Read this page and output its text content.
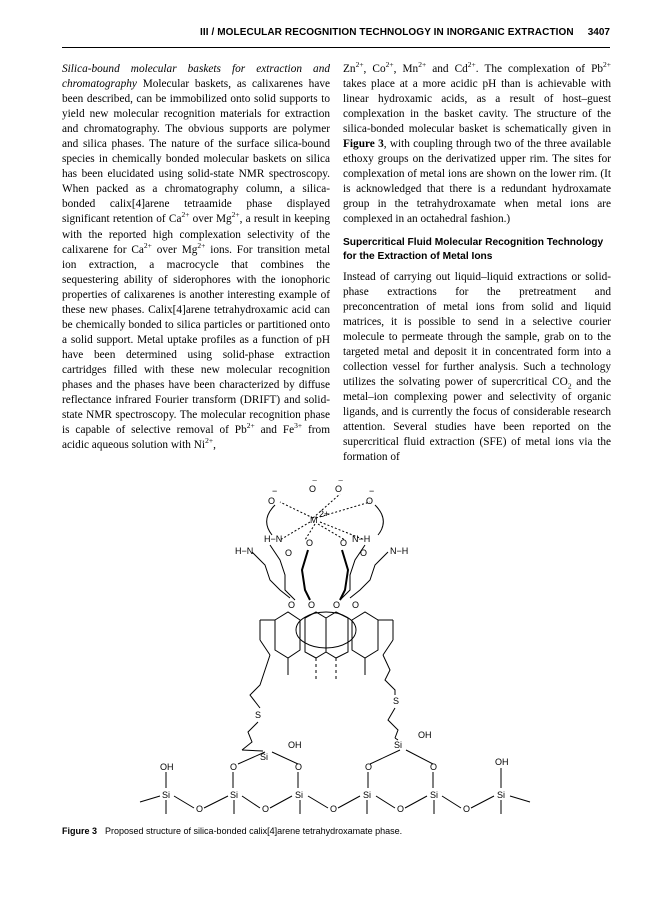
III / MOLECULAR RECOGNITION TECHNOLOGY IN INORGANIC EXTRACTION 3407

Silica-bound molecular baskets for extraction and chromatography Molecular baskets, as calixarenes have been described, can be immobilized onto solid supports to yield new molecular recognition materials for extraction and chromatography. The obvious supports are polymer and silica phases. The nature of the surface silica-bound species in chemically bonded molecular baskets on silica has been elucidated using solid-state NMR spectroscopy. When packed as a chromatography column, a silica-bonded calix[4]arene tetraamide phase displayed significant retention of $Ca^{2+}$ over $Mg^{2+}$, a result in keeping with the reported high complexation selectivity of the calixarene for $Ca^{2+}$ over $Mg^{2+}$ ions. For transition metal ion extraction, a macrocycle that combines the sequestering ability of siderophores with the ionophoric properties of calixarenes is another interesting example of these new phases. Calix[4]arene tetrahydroxamic acid can be chemically bonded to silica particles or partitioned onto a solid support. Metal uptake profiles as a function of pH have been determined using solid-phase extraction cartridges filled with these new molecular recognition phases and the phases have been characterized by diffuse reflectance infrared Fourier transform (DRIFT) and solid-state NMR spectroscopy. The molecular recognition phase is capable of selective removal of $Pb^{2+}$ and $Fe^{3+}$ from acidic aqueous solution with $Ni^{2+}$,

$Zn^{2+}$, $Co^{2+}$, $Mn^{2+}$ and $Cd^{2+}$. The complexation of $Pb^{2+}$ takes place at a more acidic pH than is achievable with linear hydroxamic acids, as a result of host–guest complexation in the basket cavity. The structure of the silica-bonded molecular basket is schematically given in Figure 3, with coupling through two of the three available ethoxy groups on the derivatized upper rim. The sites for complexation of metal ions are shown on the lower rim. (It is acknowledged that there is a redundant hydroxamate group in the tetrahydroxamate when metal ions are complexed in an octahedral fashion.)

Supercritical Fluid Molecular Recognition Technology for the Extraction of Metal Ions

Instead of carrying out liquid–liquid extractions or solid-phase extractions for the pretreatment and preconcentration of metal ions from solid and liquid matrices, it is possible to send in a selective courier molecule to permeate through the sample, grab on to the targeted metal and deposit it in concentrated form into a collection vessel for further analysis. Such a technology utilizes the solvating power of supercritical $CO_2$ and the metal–ion complexing power and selectivity of organic ligands, and is currently the focus of considerable research attention. Several studies have been reported on the supercritical fluid extraction (SFE) of metal ions via the formation of

M
2+
O
−	O
−
O
−
O
−
H−N	N−H
H−N	N−H
O	O
O	O
O O O O
S
S
Si
OH	Si
OH
OH	OH
O	O	O	O
Si	Si	Si	Si	Si	Si
O	O	O	O	O
Figure 3 Proposed structure of silica-bonded calix[4]arene tetrahydroxamate phase.
